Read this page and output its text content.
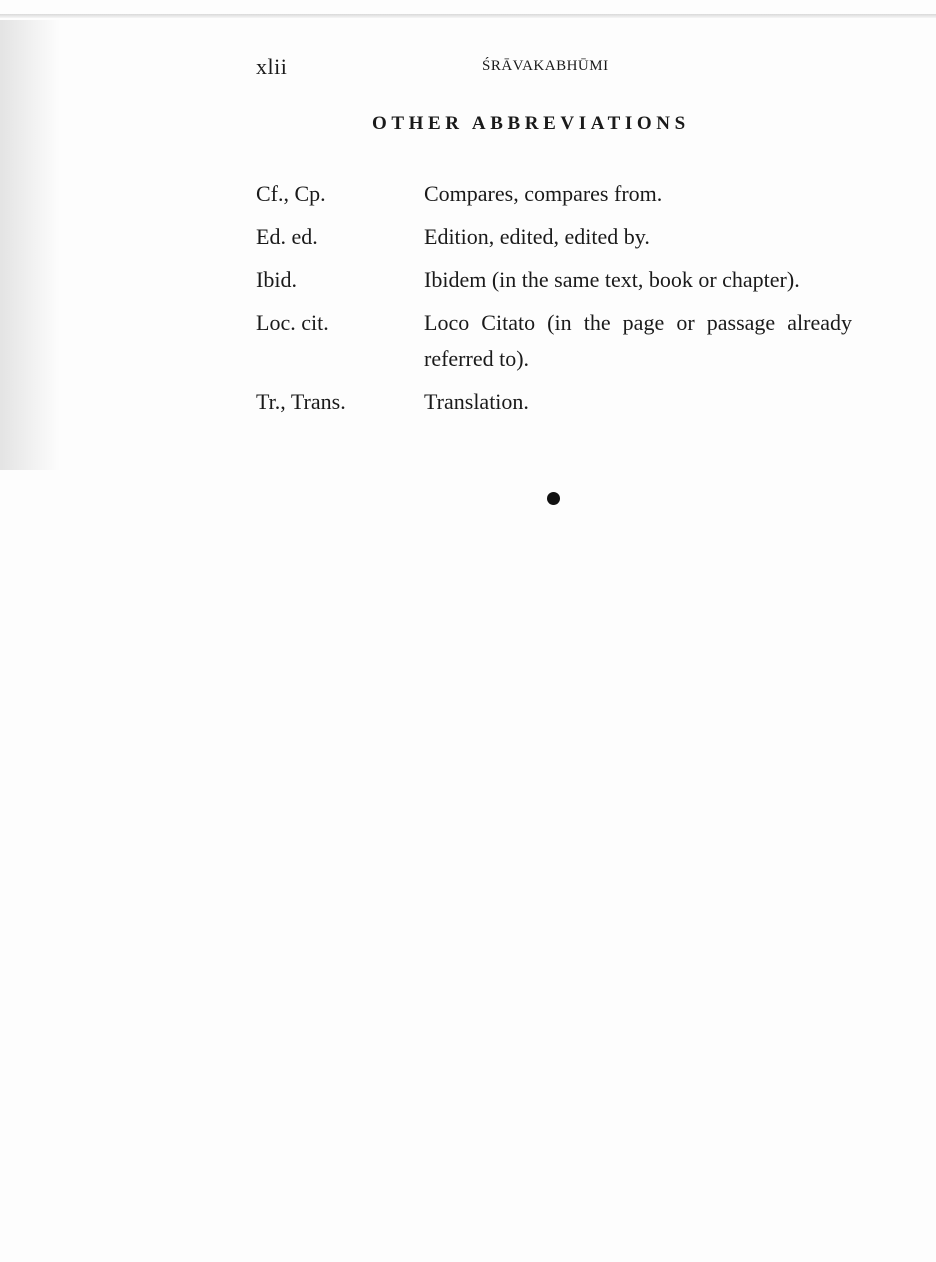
xlii	ŚRĀVAKABHŪMI
OTHER ABBREVIATIONS
Cf., Cp.	Compares, compares from.
Ed. ed.	Edition, edited, edited by.
Ibid.	Ibidem (in the same text, book or chapter).
Loc. cit.	Loco Citato (in the page or passage already referred to).
Tr., Trans.	Translation.
